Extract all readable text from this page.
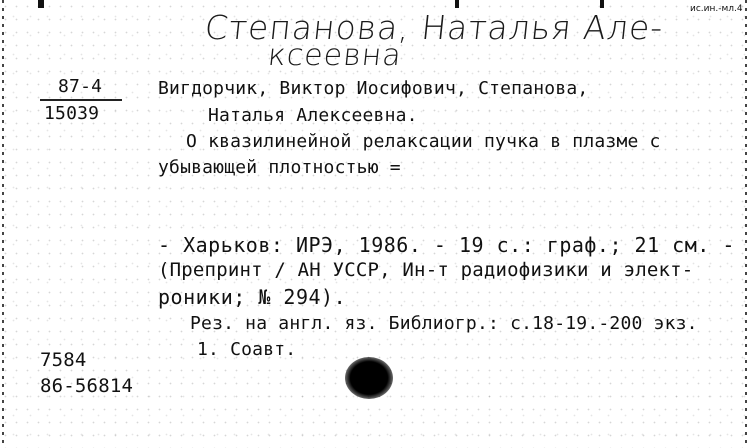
Степанова, Наталья Але-
ксеевна
ис.ин.-мл.4
87-4
15039
Вигдорчик, Виктор Иосифович, Степанова,
Наталья Алексеевна.
О квазилинейной релаксации пучка в плазме с
убывающей плотностью =
- Харьков: ИРЭ, 1986. - 19 с.: граф.; 21 см. -
(Препринт / АН УССР, Ин-т радиофизики и элект-
роники; № 294).
Рез. на англ. яз. Библиогр.: с.18-19.-200 экз.
1. Соавт.
7584
86-56814
